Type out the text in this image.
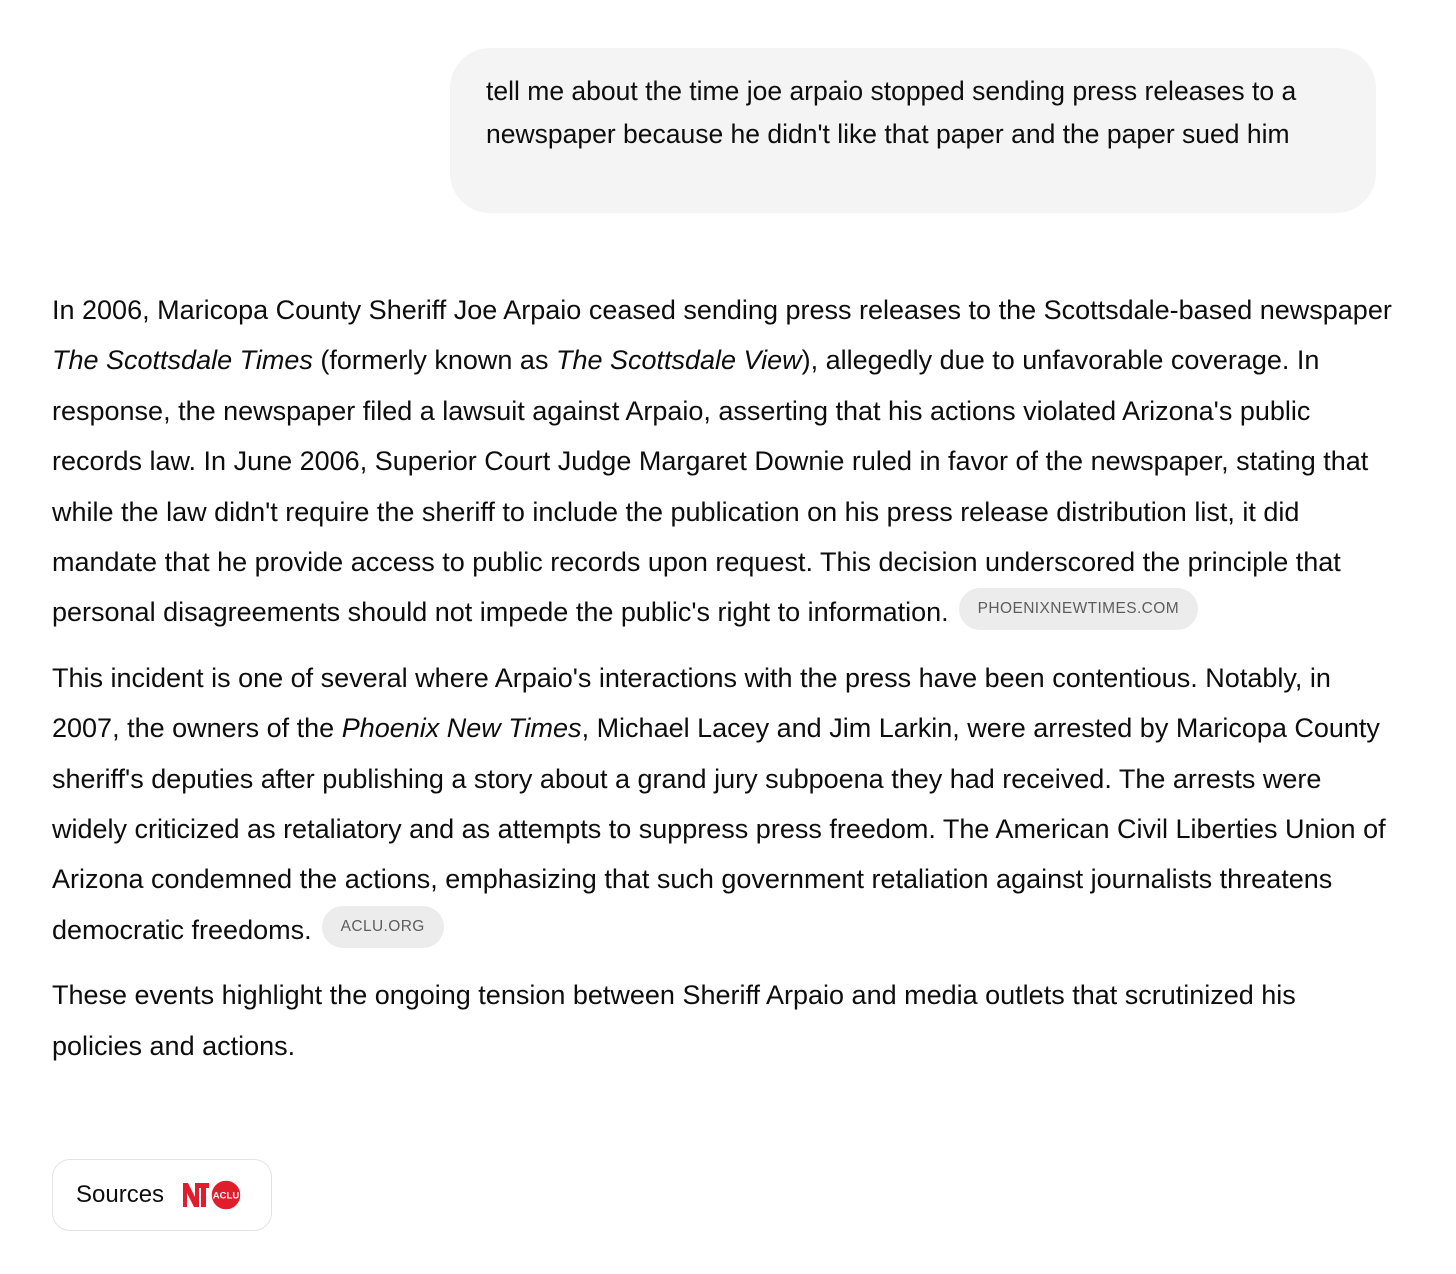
tell me about the time joe arpaio stopped sending press releases to a newspaper because he didn't like that paper and the paper sued him

In 2006, Maricopa County Sheriff Joe Arpaio ceased sending press releases to the Scottsdale-based newspaper The Scottsdale Times (formerly known as The Scottsdale View), allegedly due to unfavorable coverage. In response, the newspaper filed a lawsuit against Arpaio, asserting that his actions violated Arizona's public records law. In June 2006, Superior Court Judge Margaret Downie ruled in favor of the newspaper, stating that while the law didn't require the sheriff to include the publication on his press release distribution list, it did mandate that he provide access to public records upon request. This decision underscored the principle that personal disagreements should not impede the public's right to information. PHOENIXNEWTIMES.COM

This incident is one of several where Arpaio's interactions with the press have been contentious. Notably, in 2007, the owners of the Phoenix New Times, Michael Lacey and Jim Larkin, were arrested by Maricopa County sheriff's deputies after publishing a story about a grand jury subpoena they had received. The arrests were widely criticized as retaliatory and as attempts to suppress press freedom. The American Civil Liberties Union of Arizona condemned the actions, emphasizing that such government retaliation against journalists threatens democratic freedoms. ACLU.ORG

These events highlight the ongoing tension between Sheriff Arpaio and media outlets that scrutinized his policies and actions.

Sources	ACLU
